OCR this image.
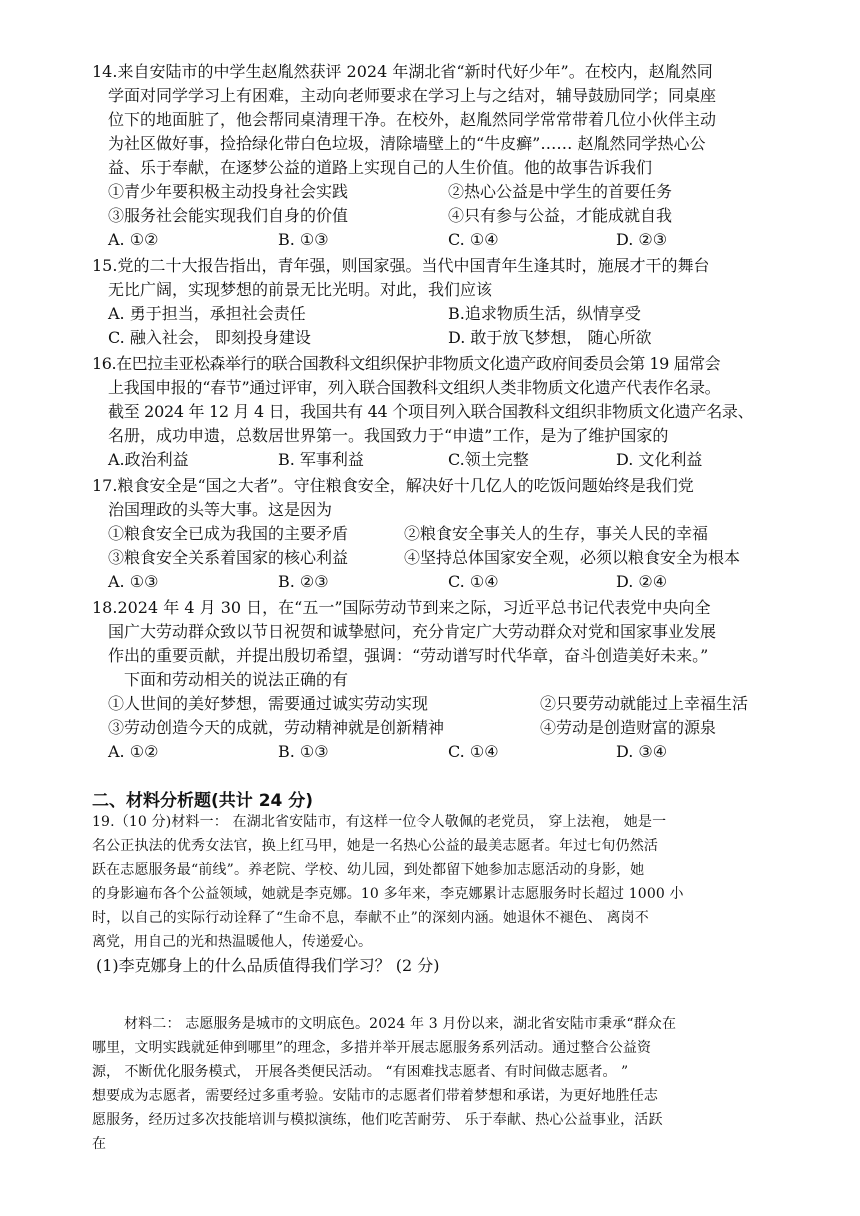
14.来自安陆市的中学生赵胤然获评 2024 年湖北省“新时代好少年”。在校内，赵胤然同
学面对同学学习上有困难，主动向老师要求在学习上与之结对，辅导鼓励同学；同桌座
位下的地面脏了，他会帮同桌清理干净。在校外，赵胤然同学常常带着几位小伙伴主动
为社区做好事，捡拾绿化带白色垃圾，清除墙壁上的“牛皮癣”…… 赵胤然同学热心公
益、乐于奉献，在逐梦公益的道路上实现自己的人生价值。他的故事告诉我们
①青少年要积极主动投身社会实践	②热心公益是中学生的首要任务
③服务社会能实现我们自身的价值	④只有参与公益，才能成就自我
A. ①②	B. ①③	C. ①④	D. ②③
15.党的二十大报告指出，青年强，则国家强。当代中国青年生逢其时，施展才干的舞台
无比广阔，实现梦想的前景无比光明。对此，我们应该
A. 勇于担当，承担社会责任	B.追求物质生活，纵情享受
C. 融入社会， 即刻投身建设	D. 敢于放飞梦想， 随心所欲
16.在巴拉圭亚松森举行的联合国教科文组织保护非物质文化遗产政府间委员会第 19 届常会
上我国申报的“春节”通过评审，列入联合国教科文组织人类非物质文化遗产代表作名录。
截至 2024 年 12 月 4 日，我国共有 44 个项目列入联合国教科文组织非物质文化遗产名录、
名册，成功申遗，总数居世界第一。我国致力于“申遗”工作，是为了维护国家的
A.政治利益	B. 军事利益	C.领土完整	D. 文化利益
17.粮食安全是“国之大者”。守住粮食安全，解决好十几亿人的吃饭问题始终是我们党
治国理政的头等大事。这是因为
①粮食安全已成为我国的主要矛盾	②粮食安全事关人的生存，事关人民的幸福
③粮食安全关系着国家的核心利益	④坚持总体国家安全观，必须以粮食安全为根本
A. ①③	B. ②③	C. ①④	D. ②④
18.2024 年 4 月 30 日，在“五一”国际劳动节到来之际，习近平总书记代表党中央向全
国广大劳动群众致以节日祝贺和诚挚慰问，充分肯定广大劳动群众对党和国家事业发展
作出的重要贡献，并提出殷切希望，强调：“劳动谱写时代华章，奋斗创造美好未来。”
下面和劳动相关的说法正确的有
①人世间的美好梦想，需要通过诚实劳动实现	②只要劳动就能过上幸福生活
③劳动创造今天的成就，劳动精神就是创新精神	④劳动是创造财富的源泉
A. ①②	B. ①③	C. ①④	D. ③④
二、材料分析题(共计 24 分)
19.（10 分)材料一： 在湖北省安陆市，有这样一位令人敬佩的老党员， 穿上法袍， 她是一
名公正执法的优秀女法官，换上红马甲，她是一名热心公益的最美志愿者。年过七旬仍然活
跃在志愿服务最“前线”。养老院、学校、幼儿园，到处都留下她参加志愿活动的身影，她
的身影遍布各个公益领域，她就是李克娜。10 多年来，李克娜累计志愿服务时长超过 1000 小
时，以自己的实际行动诠释了“生命不息，奉献不止”的深刻内涵。她退休不褪色、 离岗不
离党，用自己的光和热温暖他人，传递爱心。
(1)李克娜身上的什么品质值得我们学习？ (2 分)
材料二： 志愿服务是城市的文明底色。2024 年 3 月份以来，湖北省安陆市秉承“群众在
哪里，文明实践就延伸到哪里”的理念，多措并举开展志愿服务系列活动。通过整合公益资
源， 不断优化服务模式， 开展各类便民活动。 “有困难找志愿者、有时间做志愿者。 ”
想要成为志愿者，需要经过多重考验。安陆市的志愿者们带着梦想和承诺，为更好地胜任志
愿服务，经历过多次技能培训与模拟演练，他们吃苦耐劳、 乐于奉献、热心公益事业，活跃
在
